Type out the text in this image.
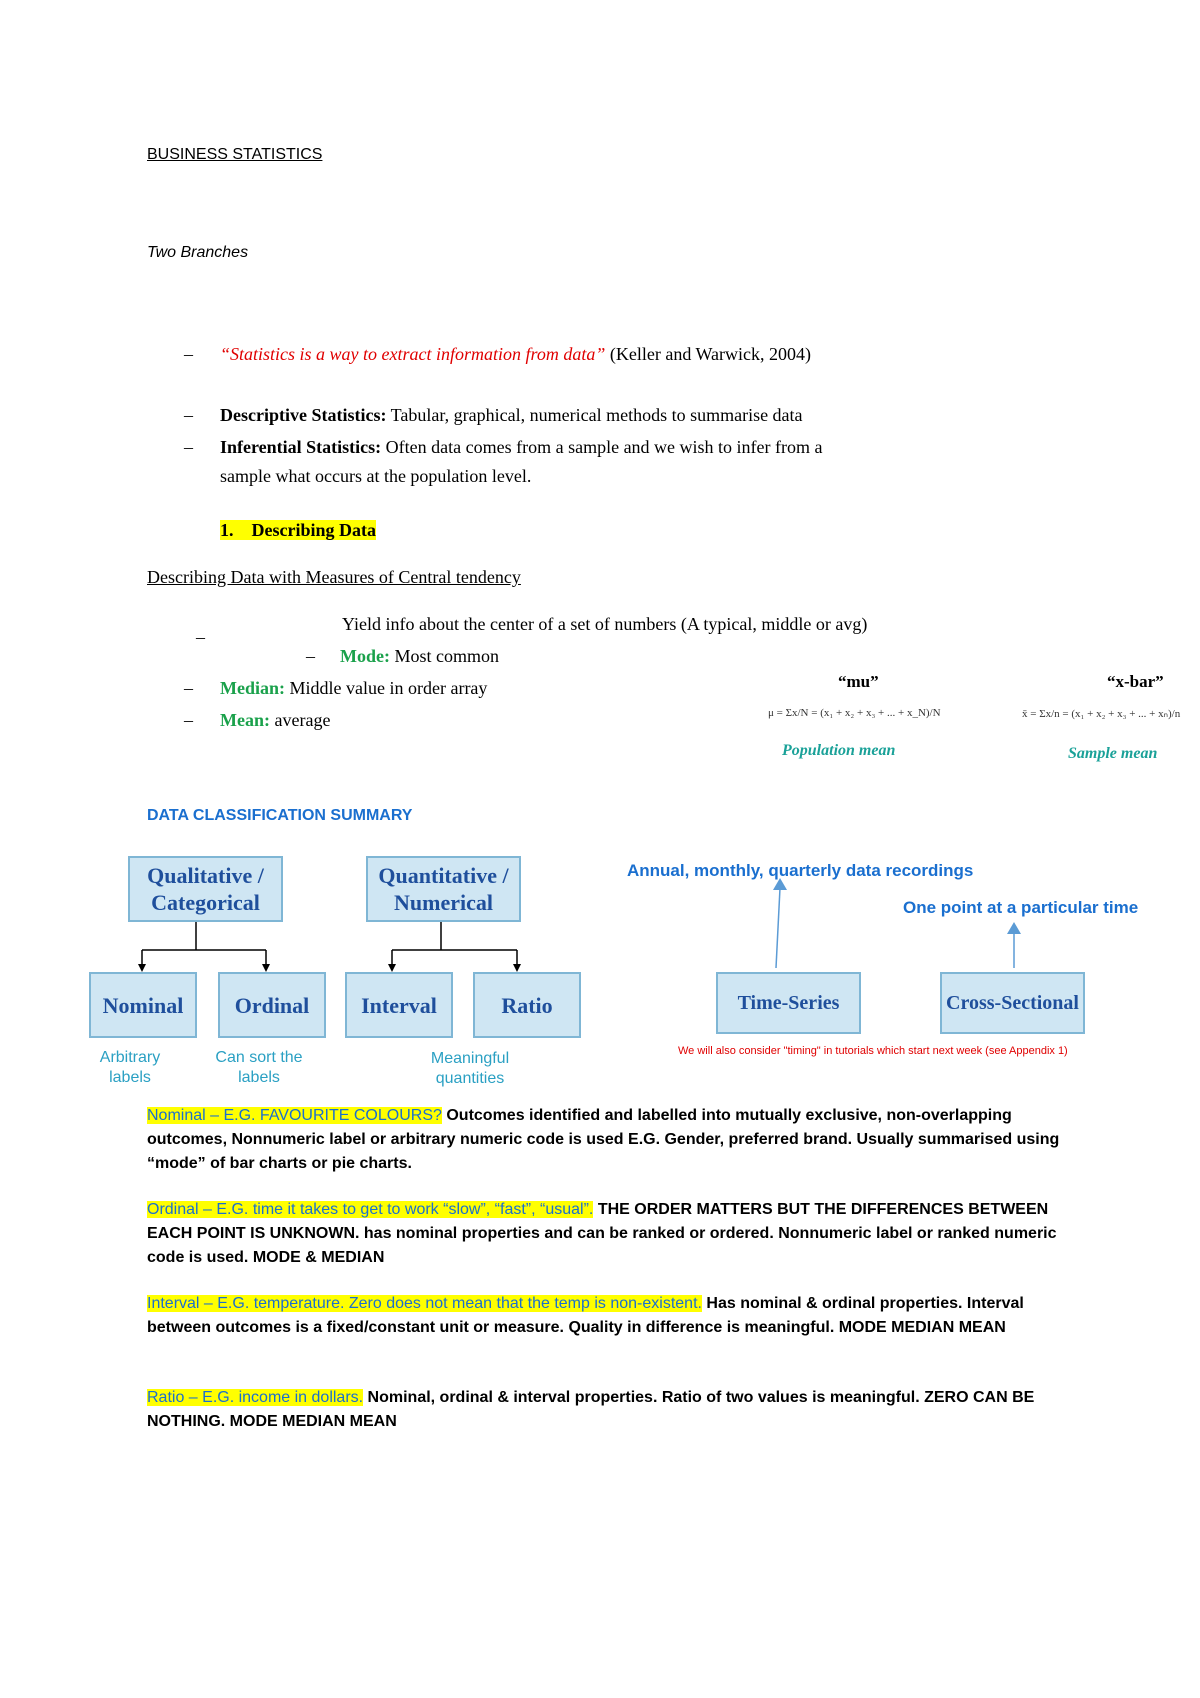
BUSINESS STATISTICS
Two Branches
– “Statistics is a way to extract information from data” (Keller and Warwick, 2004)
– Descriptive Statistics: Tabular, graphical, numerical methods to summarise data
– Inferential Statistics: Often data comes from a sample and we wish to infer from a
sample what occurs at the population level.
1. Describing Data
Describing Data with Measures of Central tendency
–
Yield info about the center of a set of numbers (A typical, middle or avg)
– Mode: Most common
– Median: Middle value in order array
– Mean: average
“mu”	“x-bar”
μ = Σx/N = (x₁ + x₂ + x₃ + ... + x_N)/N	x̄ = Σx/n = (x₁ + x₂ + x₃ + ... + xₙ)/n
Population mean	Sample mean
DATA CLASSIFICATION SUMMARY
Qualitative / Categorical
Quantitative / Numerical
Nominal	Ordinal	Interval	Ratio
Arbitrary labels
Can sort the labels
Meaningful quantities
Annual, monthly, quarterly data recordings
One point at a particular time
Time-Series	Cross-Sectional
We will also consider "timing" in tutorials which start next week (see Appendix 1)
Nominal – E.G. FAVOURITE COLOURS? Outcomes identified and labelled into mutually exclusive, non-overlapping outcomes, Nonnumeric label or arbitrary numeric code is used E.G. Gender, preferred brand. Usually summarised using “mode” of bar charts or pie charts.
Ordinal – E.G. time it takes to get to work “slow”, “fast”, “usual”. THE ORDER MATTERS BUT THE DIFFERENCES BETWEEN EACH POINT IS UNKNOWN. has nominal properties and can be ranked or ordered. Nonnumeric label or ranked numeric code is used. MODE & MEDIAN
Interval – E.G. temperature. Zero does not mean that the temp is non-existent. Has nominal & ordinal properties. Interval between outcomes is a fixed/constant unit or measure. Quality in difference is meaningful. MODE MEDIAN MEAN
Ratio – E.G. income in dollars. Nominal, ordinal & interval properties. Ratio of two values is meaningful. ZERO CAN BE NOTHING. MODE MEDIAN MEAN
